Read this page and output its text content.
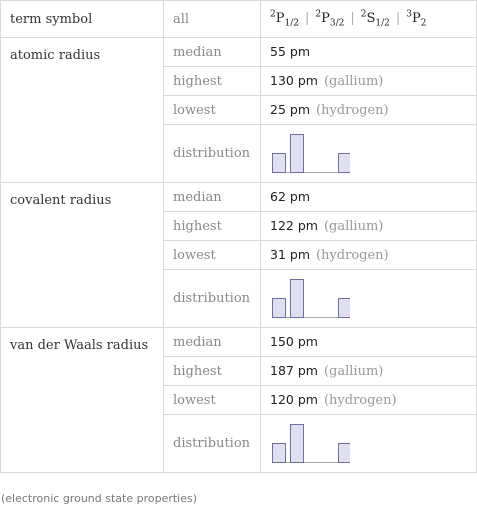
term symbol	all	$^2P_{1/2}$ | $^2P_{3/2}$ | $^2S_{1/2}$ | $^3P_2$
atomic radius	median	55 pm
	highest	130 pm (gallium)
	lowest	25 pm (hydrogen)
	distribution	

covalent radius	median	62 pm
	highest	122 pm (gallium)
	lowest	31 pm (hydrogen)
	distribution	

van der Waals radius	median	150 pm
	highest	187 pm (gallium)
	lowest	120 pm (hydrogen)
	distribution	
(electronic ground state properties)
